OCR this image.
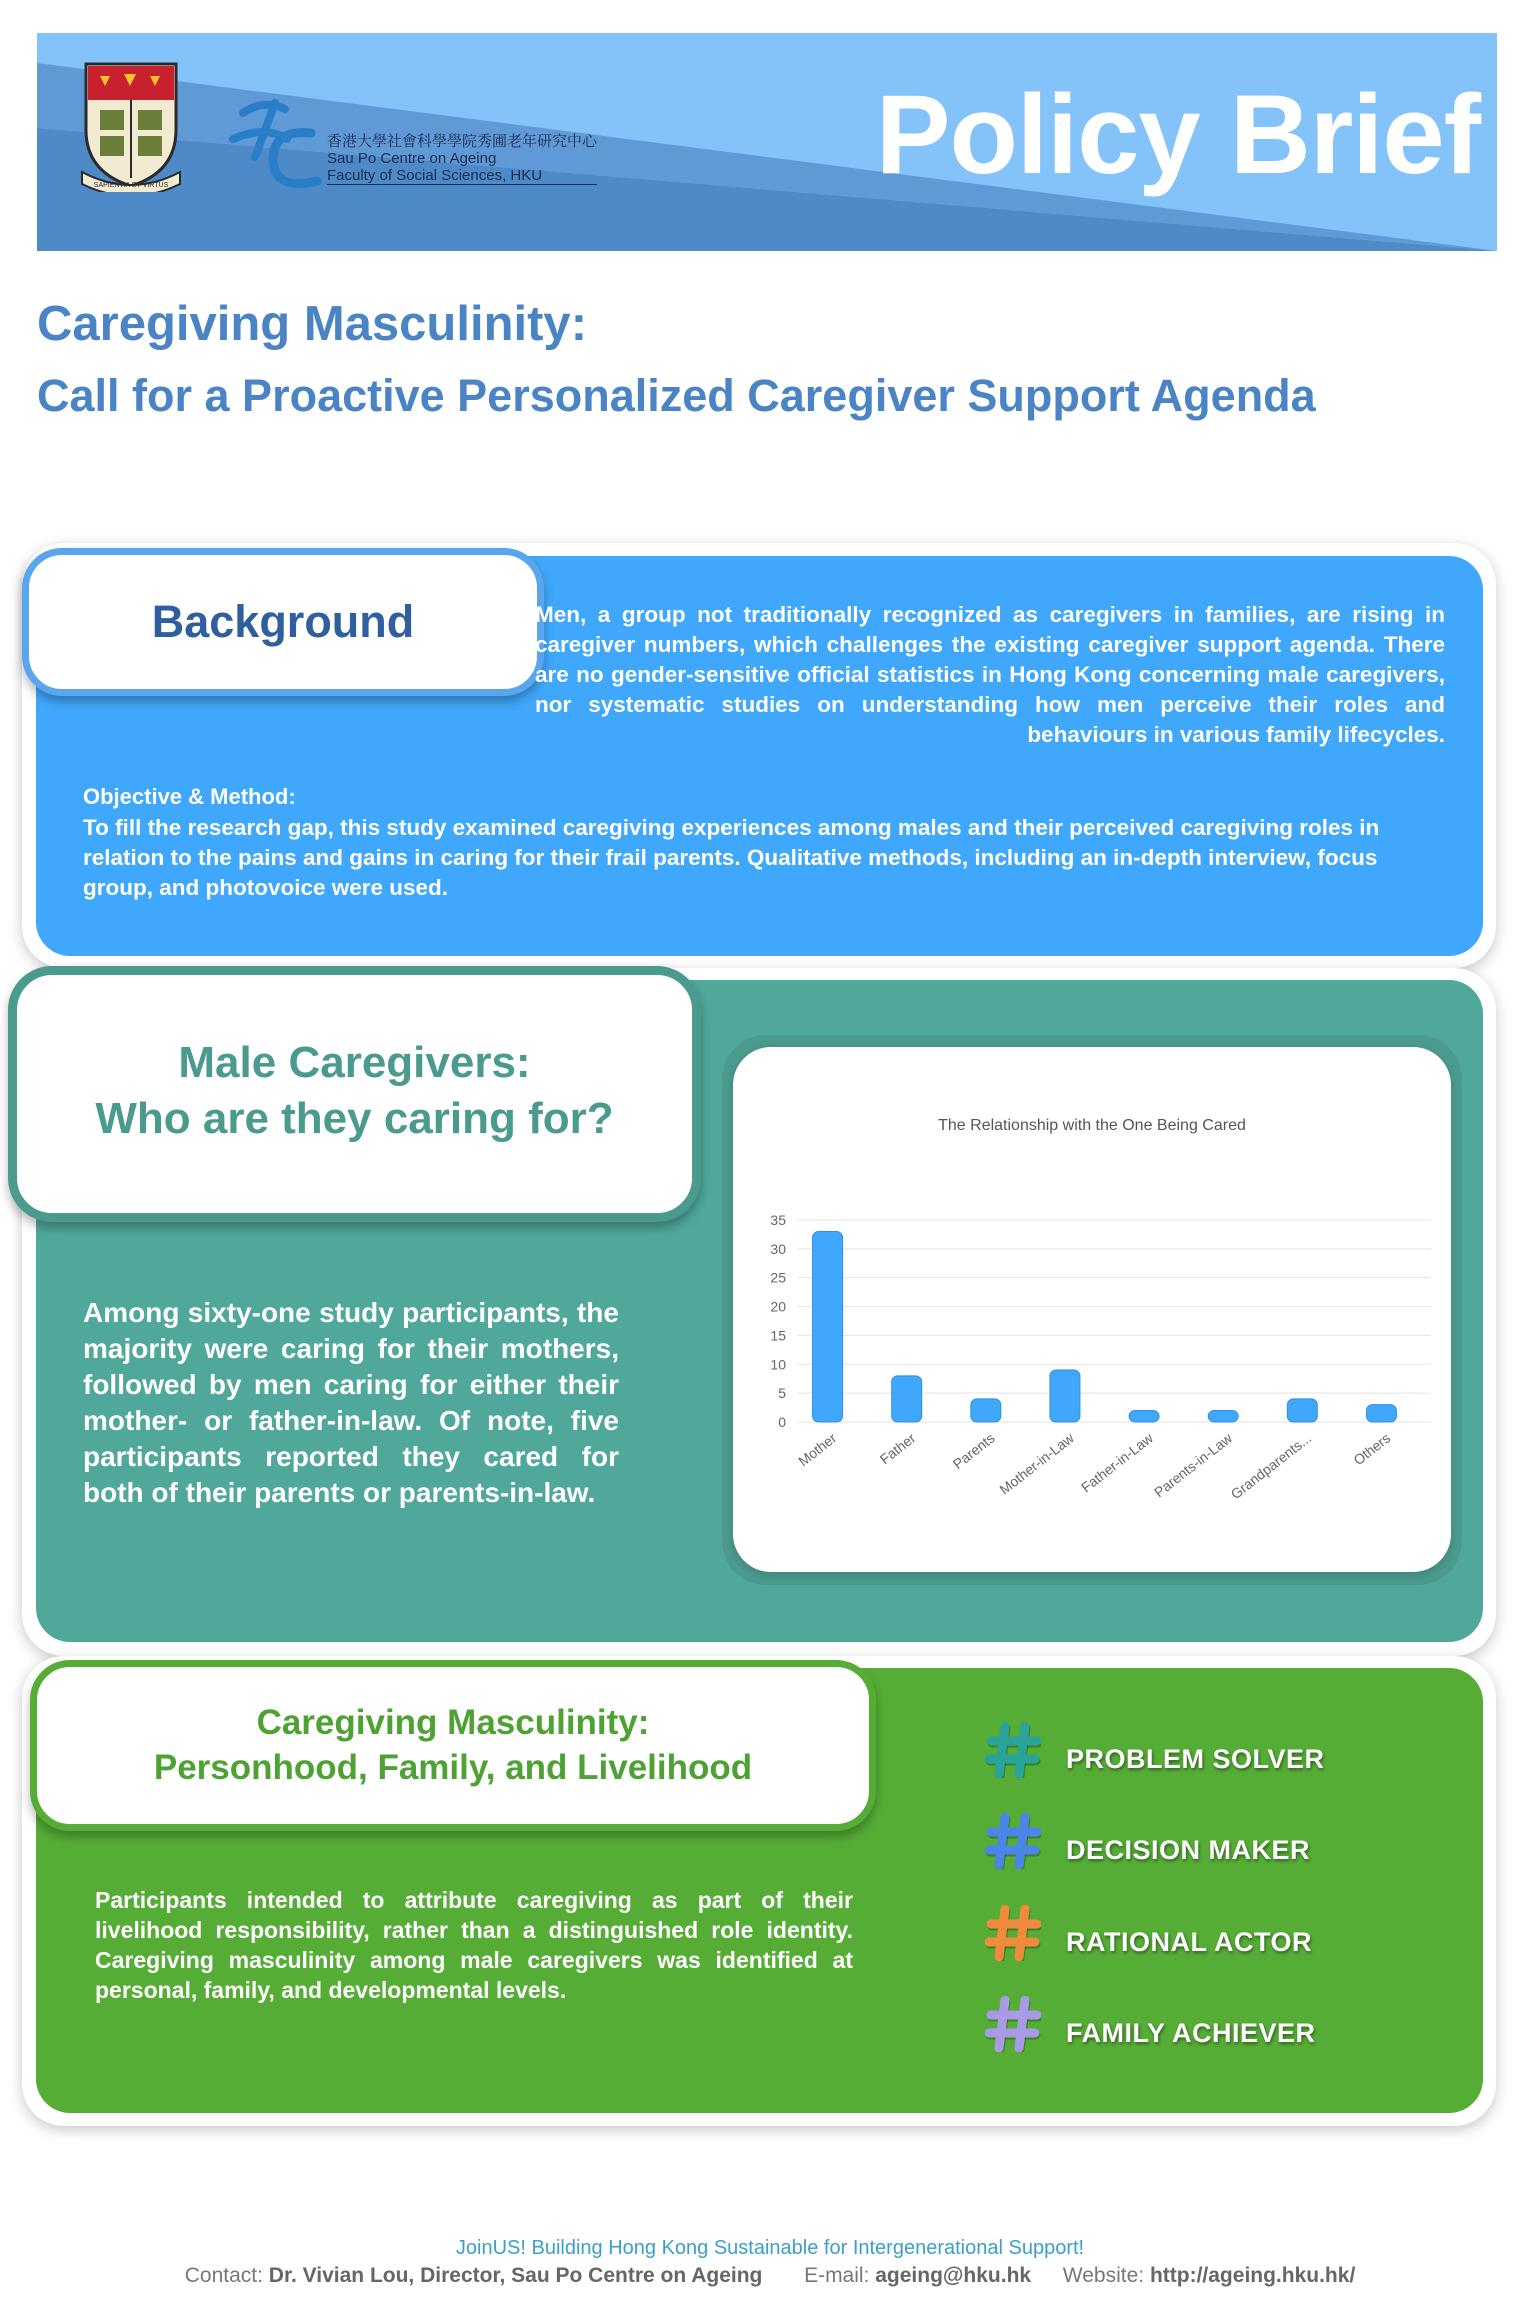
SAPIENTIA ET VIRTUS
香港大學社會科學學院秀圃老年研究中心
Sau Po Centre on Ageing
Faculty of Social Sciences, HKU	Policy Brief
Caregiving Masculinity:
Call for a Proactive Personalized Caregiver Support Agenda
Background	Men, a group not traditionally recognized as caregivers in families, are rising in caregiver numbers, which challenges the existing caregiver support agenda. There are no gender-sensitive official statistics in Hong Kong concerning male caregivers, nor systematic studies on understanding how men perceive their roles and behaviours in various family lifecycles.
Objective & Method:
To fill the research gap, this study examined caregiving experiences among males and their perceived caregiving roles in relation to the pains and gains in caring for their frail parents. Qualitative methods, including an in-depth interview, focus group, and photovoice were used.
Male Caregivers:
Who are they caring for?
Among sixty-one study participants, the majority were caring for their mothers, followed by men caring for either their mother- or father-in-law. Of note, five participants reported they cared for both of their parents or parents-in-law.
The Relationship with the One Being Cared
0
5
10
15
20
25
30
35
Mother	Father Parents
Mother-in-Law Father-in-Law
Parents-in-Law
Grandparents...	Others
Caregiving Masculinity:
Personhood, Family, and Livelihood
Participants intended to attribute caregiving as part of their livelihood responsibility, rather than a distinguished role identity. Caregiving masculinity among male caregivers was identified at personal, family, and developmental levels.
PROBLEM SOLVER
DECISION MAKER
RATIONAL ACTOR
FAMILY ACHIEVER
JoinUS! Building Hong Kong Sustainable for Intergenerational Support!
Contact: Dr. Vivian Lou, Director, Sau Po Centre on Ageing E-mail: ageing@hku.hk Website: http://ageing.hku.hk/
